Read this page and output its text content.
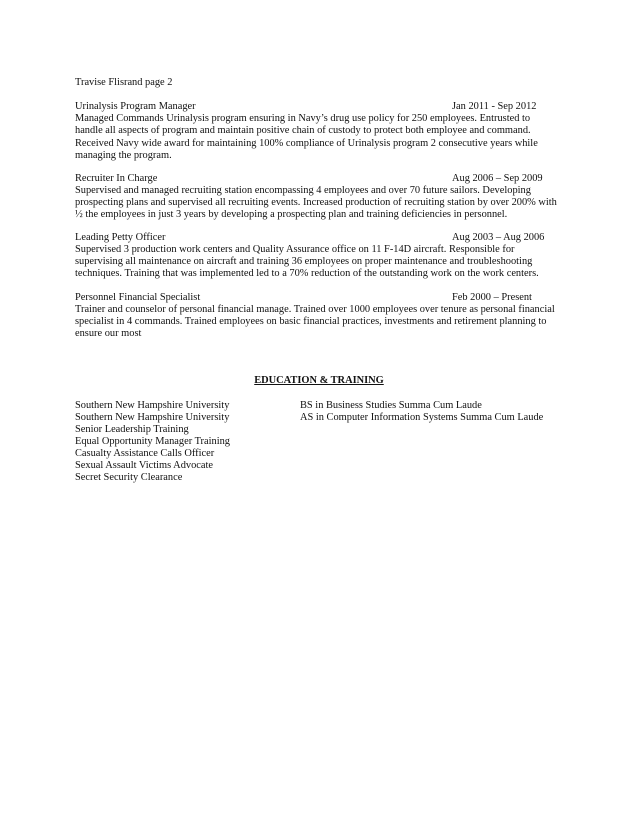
Travise Flisrand page 2
Urinalysis Program Manager	Jan 2011 - Sep 2012
Managed Commands Urinalysis program ensuring in Navy’s drug use policy for 250 employees. Entrusted to
handle all aspects of program and maintain positive chain of custody to protect both employee and command.
Received Navy wide award for maintaining 100% compliance of Urinalysis program 2 consecutive years while
managing the program.
Recruiter In Charge	Aug 2006 – Sep 2009
Supervised and managed recruiting station encompassing 4 employees and over 70 future sailors. Developing
prospecting plans and supervised all recruiting events. Increased production of recruiting station by over 200% with
½ the employees in just 3 years by developing a prospecting plan and training deficiencies in personnel.
Leading Petty Officer	Aug 2003 – Aug 2006
Supervised 3 production work centers and Quality Assurance office on 11 F-14D aircraft. Responsible for
supervising all maintenance on aircraft and training 36 employees on proper maintenance and troubleshooting
techniques. Training that was implemented led to a 70% reduction of the outstanding work on the work centers.
Personnel Financial Specialist	Feb 2000 – Present
Trainer and counselor of personal financial manage. Trained over 1000 employees over tenure as personal financial
specialist in 4 commands. Trained employees on basic financial practices, investments and retirement planning to
ensure our most
EDUCATION & TRAINING
Southern New Hampshire University	BS in Business Studies Summa Cum Laude
Southern New Hampshire University	AS in Computer Information Systems Summa Cum Laude
Senior Leadership Training
Equal Opportunity Manager Training
Casualty Assistance Calls Officer
Sexual Assault Victims Advocate
Secret Security Clearance
